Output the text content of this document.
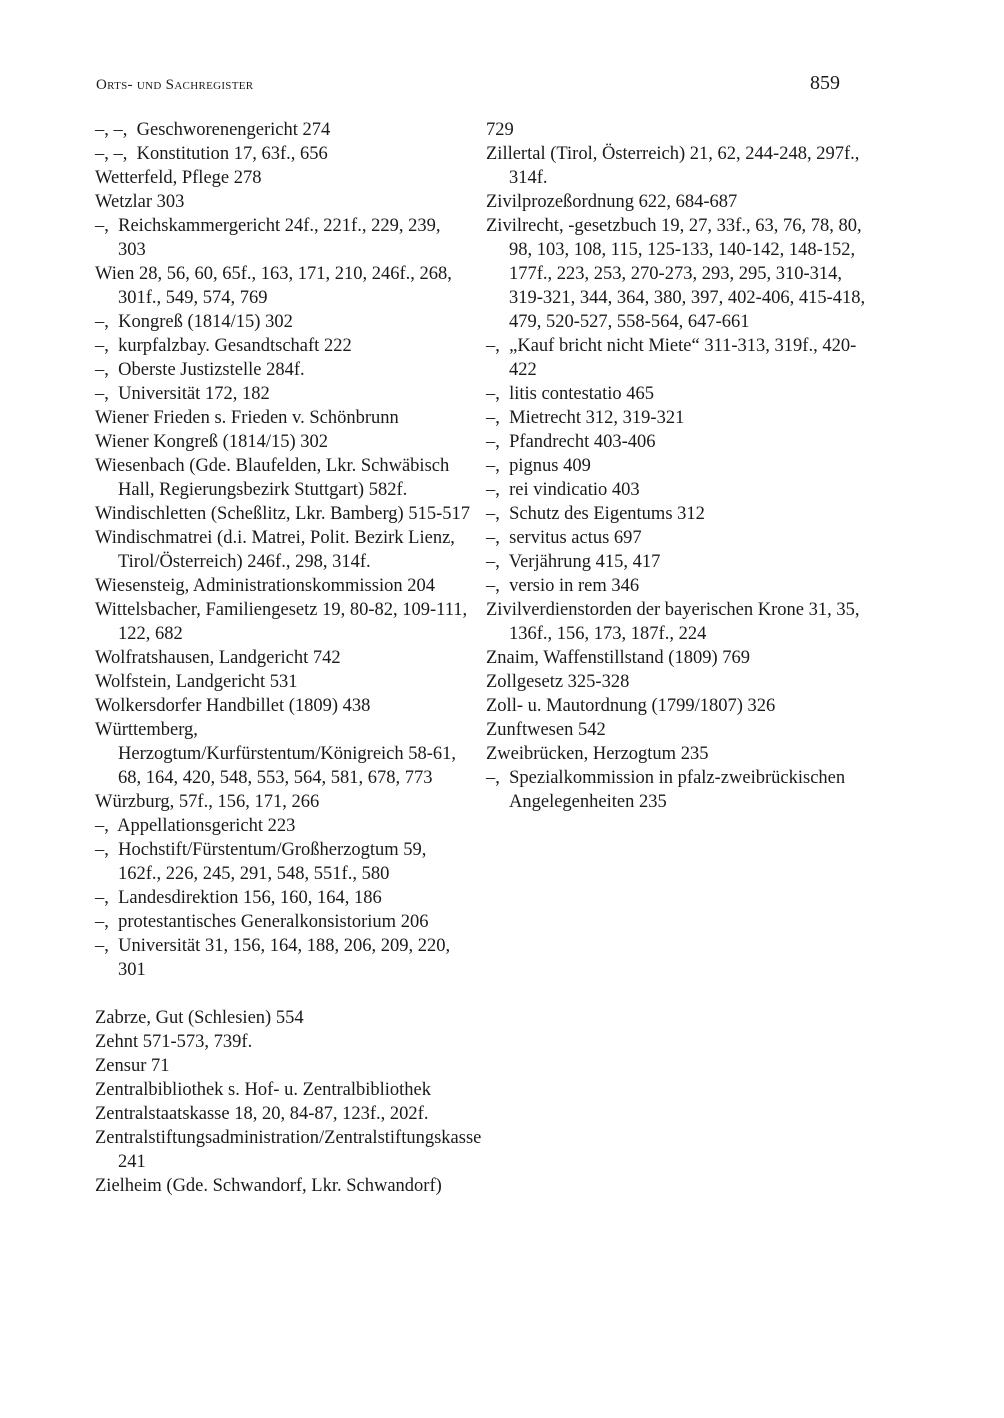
Orts- und Sachregister	859
–, –,  Geschworenengericht 274
–, –,  Konstitution 17, 63f., 656
Wetterfeld, Pflege 278
Wetzlar 303
–,  Reichskammergericht 24f., 221f., 229, 239, 303
Wien 28, 56, 60, 65f., 163, 171, 210, 246f., 268, 301f., 549, 574, 769
–,  Kongreß (1814/15) 302
–,  kurpfalzbay. Gesandtschaft 222
–,  Oberste Justizstelle 284f.
–,  Universität 172, 182
Wiener Frieden s. Frieden v. Schönbrunn
Wiener Kongreß (1814/15) 302
Wiesenbach (Gde. Blaufelden, Lkr. Schwäbisch Hall, Regierungsbezirk Stuttgart) 582f.
Windischletten (Scheßlitz, Lkr. Bamberg) 515-517
Windischmatrei (d.i. Matrei, Polit. Bezirk Lienz, Tirol/Österreich) 246f., 298, 314f.
Wiesensteig, Administrationskommission 204
Wittelsbacher, Familiengesetz 19, 80-82, 109-111, 122, 682
Wolfratshausen, Landgericht 742
Wolfstein, Landgericht 531
Wolkersdorfer Handbillet (1809) 438
Württemberg, Herzogtum/Kurfürstentum/Königreich 58-61, 68, 164, 420, 548, 553, 564, 581, 678, 773
Würzburg, 57f., 156, 171, 266
–,  Appellationsgericht 223
–,  Hochstift/Fürstentum/Großherzogtum 59, 162f., 226, 245, 291, 548, 551f., 580
–,  Landesdirektion 156, 160, 164, 186
–,  protestantisches Generalkonsistorium 206
–,  Universität 31, 156, 164, 188, 206, 209, 220, 301
Zabrze, Gut (Schlesien) 554
Zehnt 571-573, 739f.
Zensur 71
Zentralbibliothek s. Hof- u. Zentralbibliothek
Zentralstaatskasse 18, 20, 84-87, 123f., 202f.
Zentralstiftungsadministration/Zentralstiftungskasse 241
Zielheim (Gde. Schwandorf, Lkr. Schwandorf)
729
Zillertal (Tirol, Österreich) 21, 62, 244-248, 297f., 314f.
Zivilprozeßordnung 622, 684-687
Zivilrecht, -gesetzbuch 19, 27, 33f., 63, 76, 78, 80, 98, 103, 108, 115, 125-133, 140-142, 148-152, 177f., 223, 253, 270-273, 293, 295, 310-314, 319-321, 344, 364, 380, 397, 402-406, 415-418, 479, 520-527, 558-564, 647-661
–,  „Kauf bricht nicht Miete“ 311-313, 319f., 420-422
–,  litis contestatio 465
–,  Mietrecht 312, 319-321
–,  Pfandrecht 403-406
–,  pignus 409
–,  rei vindicatio 403
–,  Schutz des Eigentums 312
–,  servitus actus 697
–,  Verjährung 415, 417
–,  versio in rem 346
Zivilverdienstorden der bayerischen Krone 31, 35, 136f., 156, 173, 187f., 224
Znaim, Waffenstillstand (1809) 769
Zollgesetz 325-328
Zoll- u. Mautordnung (1799/1807) 326
Zunftwesen 542
Zweibrücken, Herzogtum 235
–,  Spezialkommission in pfalz-zweibrückischen Angelegenheiten 235
